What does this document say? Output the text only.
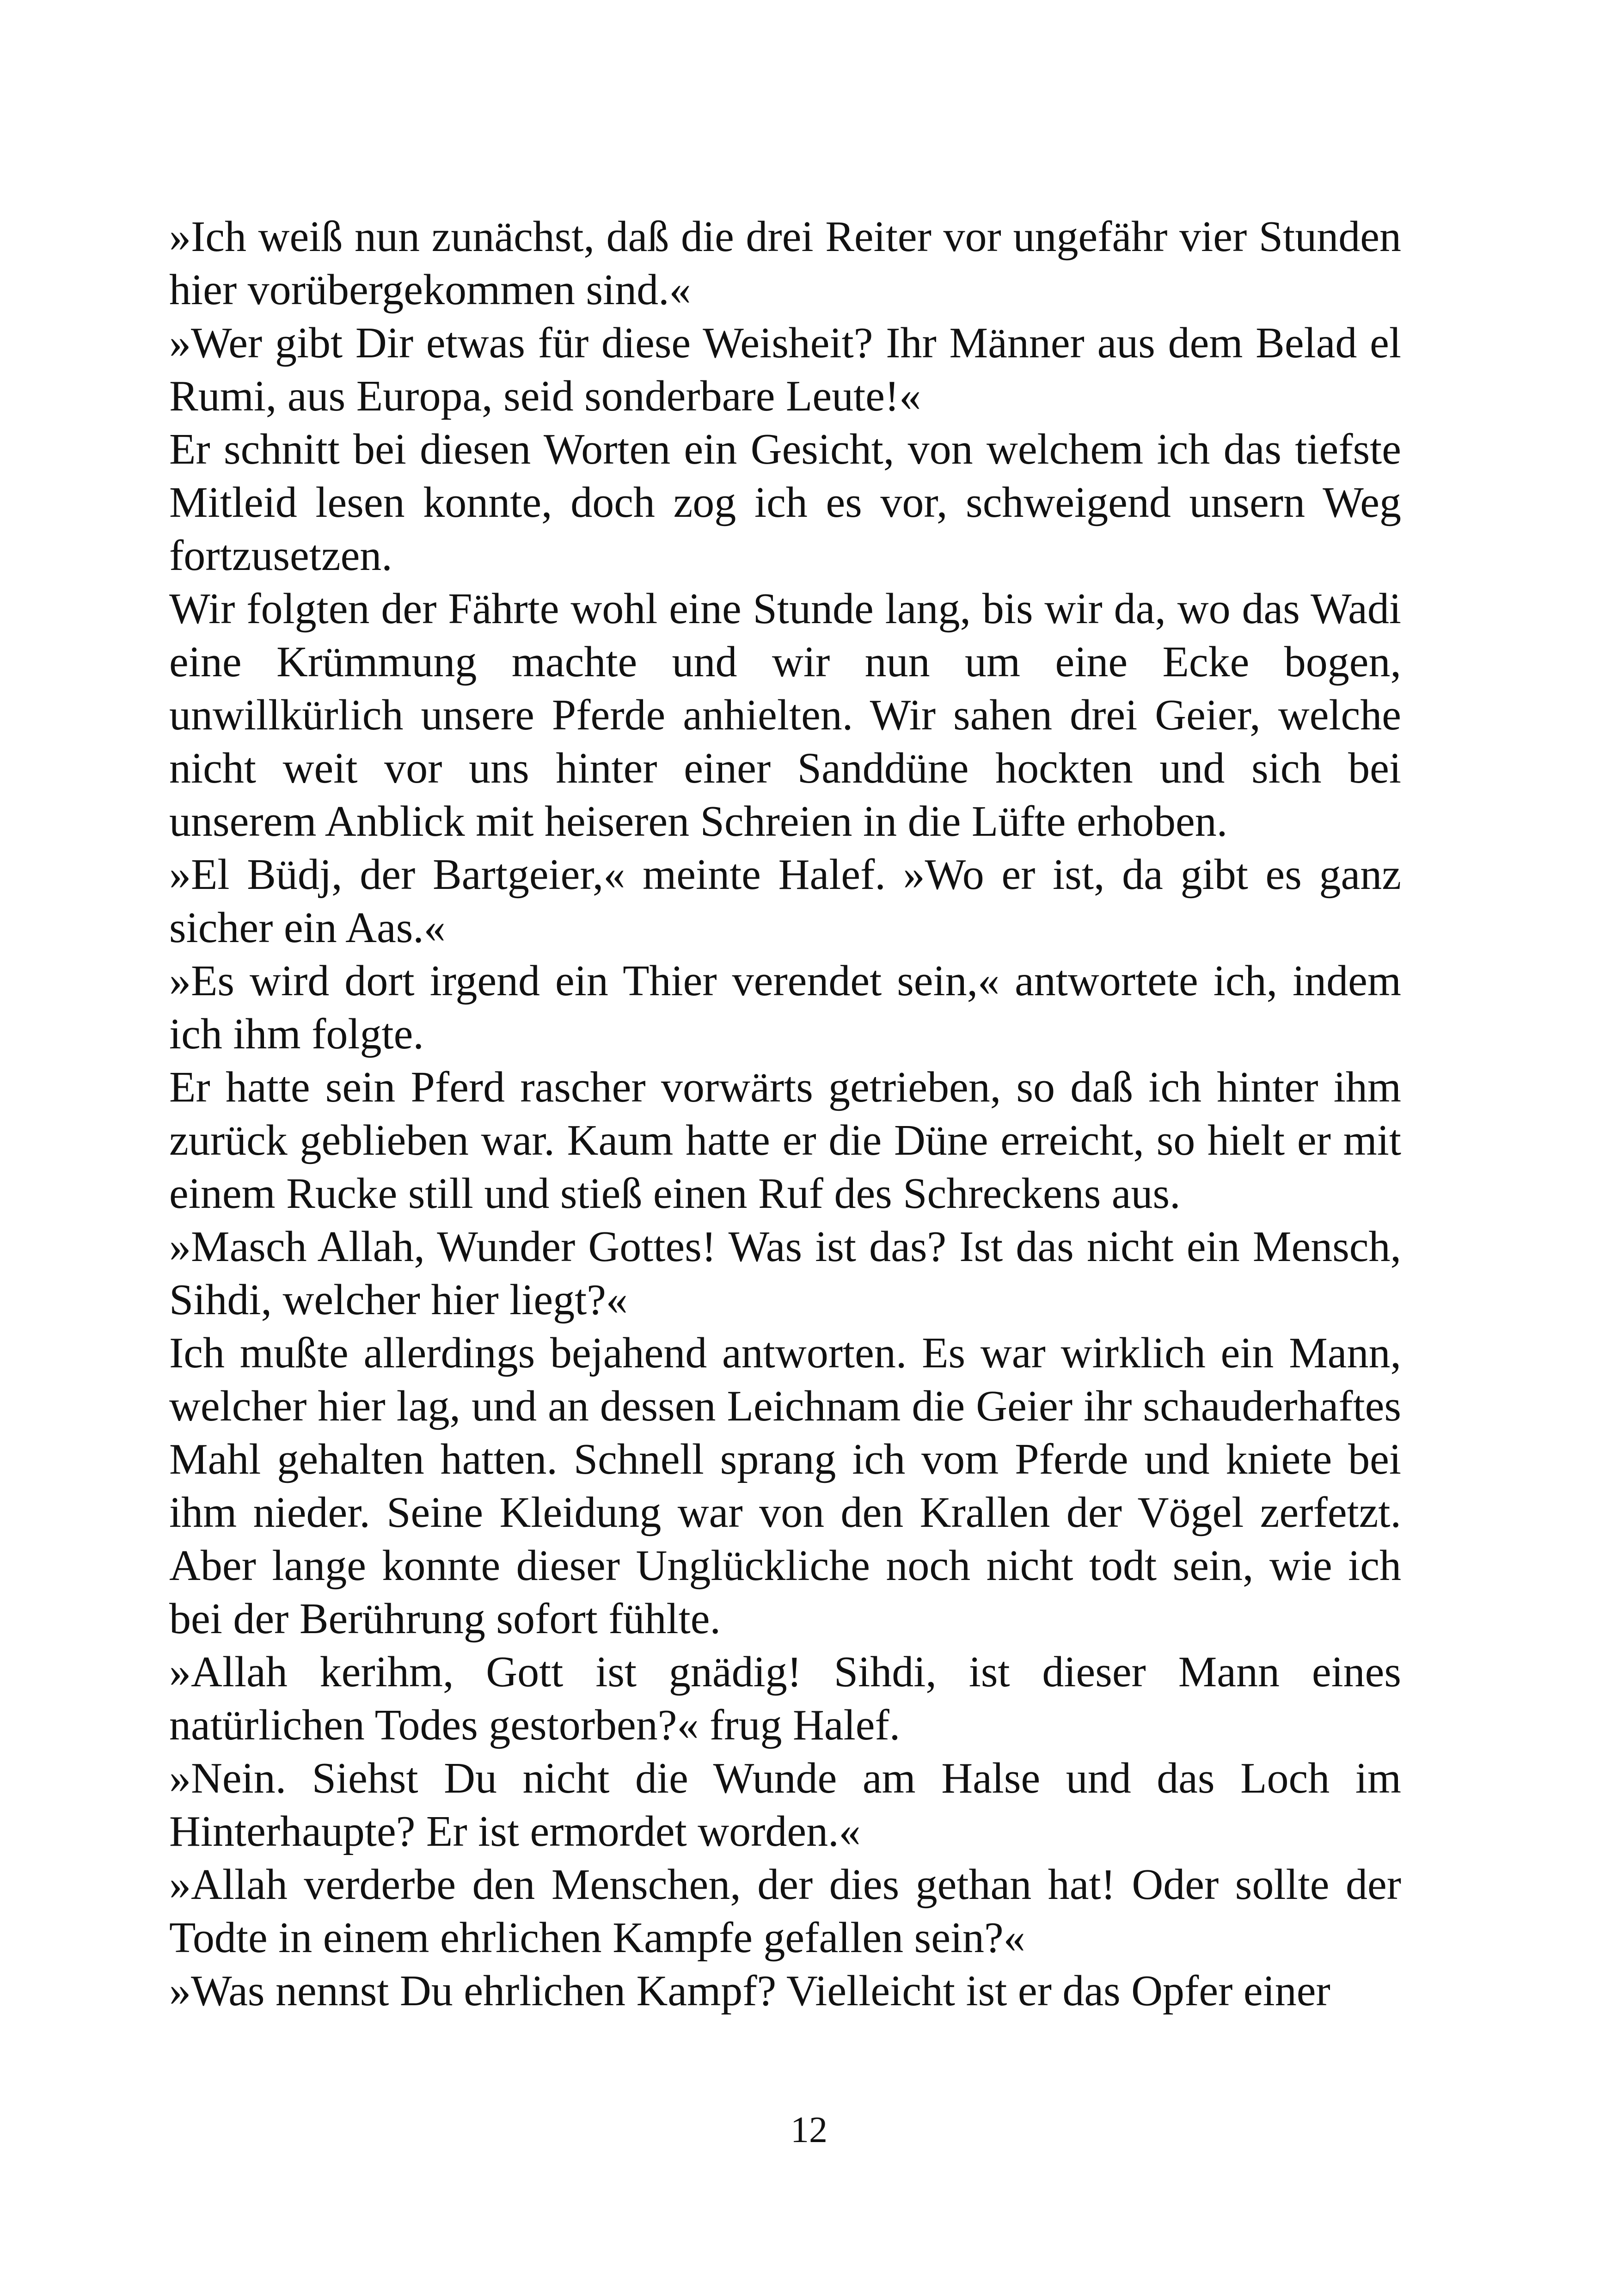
»Ich weiß nun zunächst, daß die drei Reiter vor ungefähr vier Stunden hier vorübergekommen sind.«

»Wer gibt Dir etwas für diese Weisheit? Ihr Männer aus dem Belad el Rumi, aus Europa, seid sonderbare Leute!«

Er schnitt bei diesen Worten ein Gesicht, von welchem ich das tiefste Mitleid lesen konnte, doch zog ich es vor, schweigend unsern Weg fortzusetzen.

Wir folgten der Fährte wohl eine Stunde lang, bis wir da, wo das Wadi eine Krümmung machte und wir nun um eine Ecke bogen, unwillkürlich unsere Pferde anhielten. Wir sahen drei Geier, welche nicht weit vor uns hinter einer Sanddüne hockten und sich bei unserem Anblick mit heiseren Schreien in die Lüfte erhoben.

»El Büdj, der Bartgeier,« meinte Halef. »Wo er ist, da gibt es ganz sicher ein Aas.«

»Es wird dort irgend ein Thier verendet sein,« antwortete ich, indem ich ihm folgte.

Er hatte sein Pferd rascher vorwärts getrieben, so daß ich hinter ihm zurück geblieben war. Kaum hatte er die Düne erreicht, so hielt er mit einem Rucke still und stieß einen Ruf des Schreckens aus.

»Masch Allah, Wunder Gottes! Was ist das? Ist das nicht ein Mensch, Sihdi, welcher hier liegt?«

Ich mußte allerdings bejahend antworten. Es war wirklich ein Mann, welcher hier lag, und an dessen Leichnam die Geier ihr schauderhaftes Mahl gehalten hatten. Schnell sprang ich vom Pferde und kniete bei ihm nieder. Seine Kleidung war von den Krallen der Vögel zerfetzt. Aber lange konnte dieser Unglückliche noch nicht todt sein, wie ich bei der Berührung sofort fühlte.

»Allah kerihm, Gott ist gnädig! Sihdi, ist dieser Mann eines natürlichen Todes gestorben?« frug Halef.

»Nein. Siehst Du nicht die Wunde am Halse und das Loch im Hinterhaupte? Er ist ermordet worden.«

»Allah verderbe den Menschen, der dies gethan hat! Oder sollte der Todte in einem ehrlichen Kampfe gefallen sein?«

»Was nennst Du ehrlichen Kampf? Vielleicht ist er das Opfer einer

12
